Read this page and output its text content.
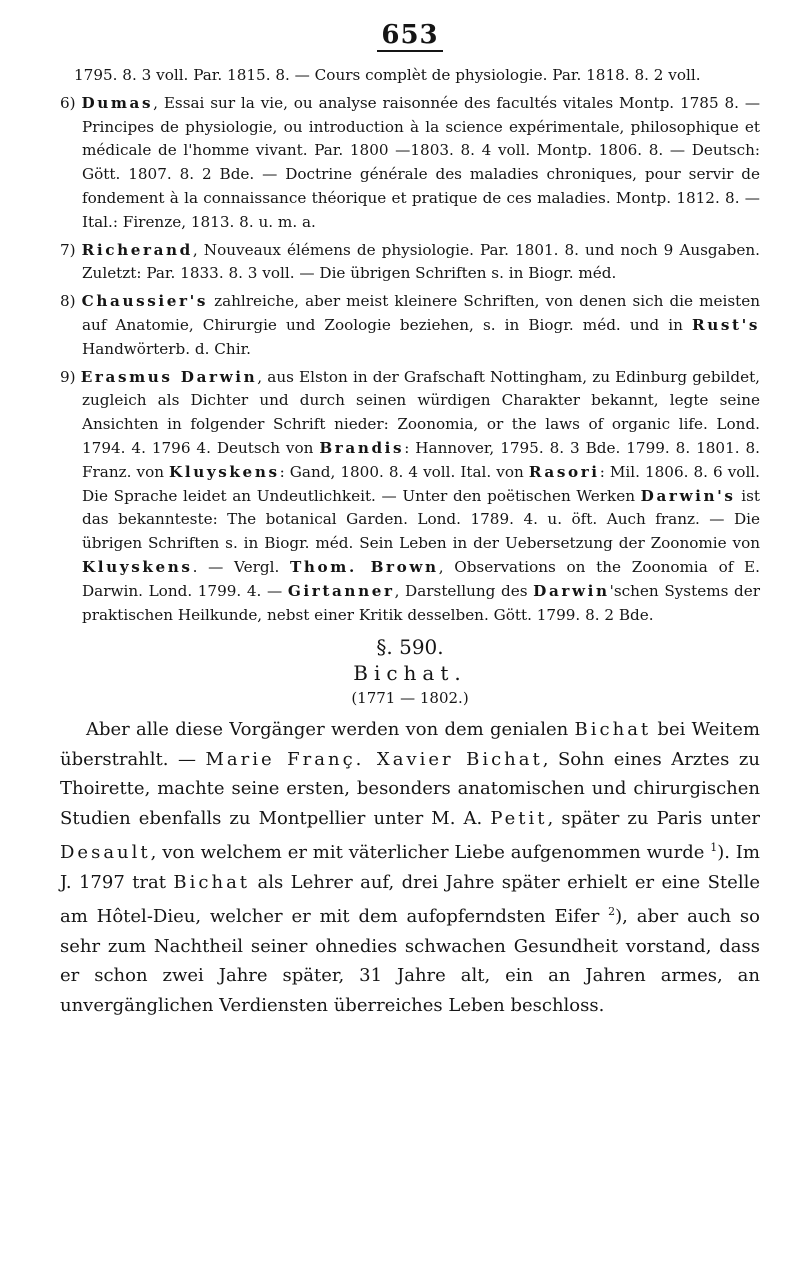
653

1795. 8. 3 voll. Par. 1815. 8. — Cours complèt de physiologie. Par. 1818. 8. 2 voll.

6) Dumas, Essai sur la vie, ou analyse raisonnée des facultés vitales Montp. 1785 8. — Principes de physiologie, ou introduction à la science expérimentale, philosophique et médicale de l'homme vivant. Par. 1800 —1803. 8. 4 voll. Montp. 1806. 8. — Deutsch: Gött. 1807. 8. 2 Bde. — Doctrine générale des maladies chroniques, pour servir de fondement à la connaissance théorique et pratique de ces maladies. Montp. 1812. 8. — Ital.: Firenze, 1813. 8. u. m. a.

7) Richerand, Nouveaux élémens de physiologie. Par. 1801. 8. und noch 9 Ausgaben. Zuletzt: Par. 1833. 8. 3 voll. — Die übrigen Schriften s. in Biogr. méd.

8) Chaussier's zahlreiche, aber meist kleinere Schriften, von denen sich die meisten auf Anatomie, Chirurgie und Zoologie beziehen, s. in Biogr. méd. und in Rust's Handwörterb. d. Chir.

9) Erasmus Darwin, aus Elston in der Grafschaft Nottingham, zu Edinburg gebildet, zugleich als Dichter und durch seinen würdigen Charakter bekannt, legte seine Ansichten in folgender Schrift nieder: Zoonomia, or the laws of organic life. Lond. 1794. 4. 1796 4. Deutsch von Brandis: Hannover, 1795. 8. 3 Bde. 1799. 8. 1801. 8. Franz. von Kluyskens: Gand, 1800. 8. 4 voll. Ital. von Rasori: Mil. 1806. 8. 6 voll. Die Sprache leidet an Undeutlichkeit. — Unter den poëtischen Werken Darwin's ist das bekannteste: The botanical Garden. Lond. 1789. 4. u. öft. Auch franz. — Die übrigen Schriften s. in Biogr. méd. Sein Leben in der Uebersetzung der Zoonomie von Kluyskens. — Vergl. Thom. Brown, Observations on the Zoonomia of E. Darwin. Lond. 1799. 4. — Girtanner, Darstellung des Darwin'schen Systems der praktischen Heilkunde, nebst einer Kritik desselben. Gött. 1799. 8. 2 Bde.

§. 590.
Bichat.
(1771 — 1802.)

Aber alle diese Vorgänger werden von dem genialen Bichat bei Weitem überstrahlt. — Marie Franç. Xavier Bichat, Sohn eines Arztes zu Thoirette, machte seine ersten, besonders anatomischen und chirurgischen Studien ebenfalls zu Montpellier unter M. A. Petit, später zu Paris unter Desault, von welchem er mit väterlicher Liebe aufgenommen wurde $^1$). Im J. 1797 trat Bichat als Lehrer auf, drei Jahre später erhielt er eine Stelle am Hôtel-Dieu, welcher er mit dem aufopferndsten Eifer $^2$), aber auch so sehr zum Nachtheil seiner ohnedies schwachen Gesundheit vorstand, dass er schon zwei Jahre später, 31 Jahre alt, ein an Jahren armes, an unvergänglichen Verdiensten überreiches Leben beschloss.
